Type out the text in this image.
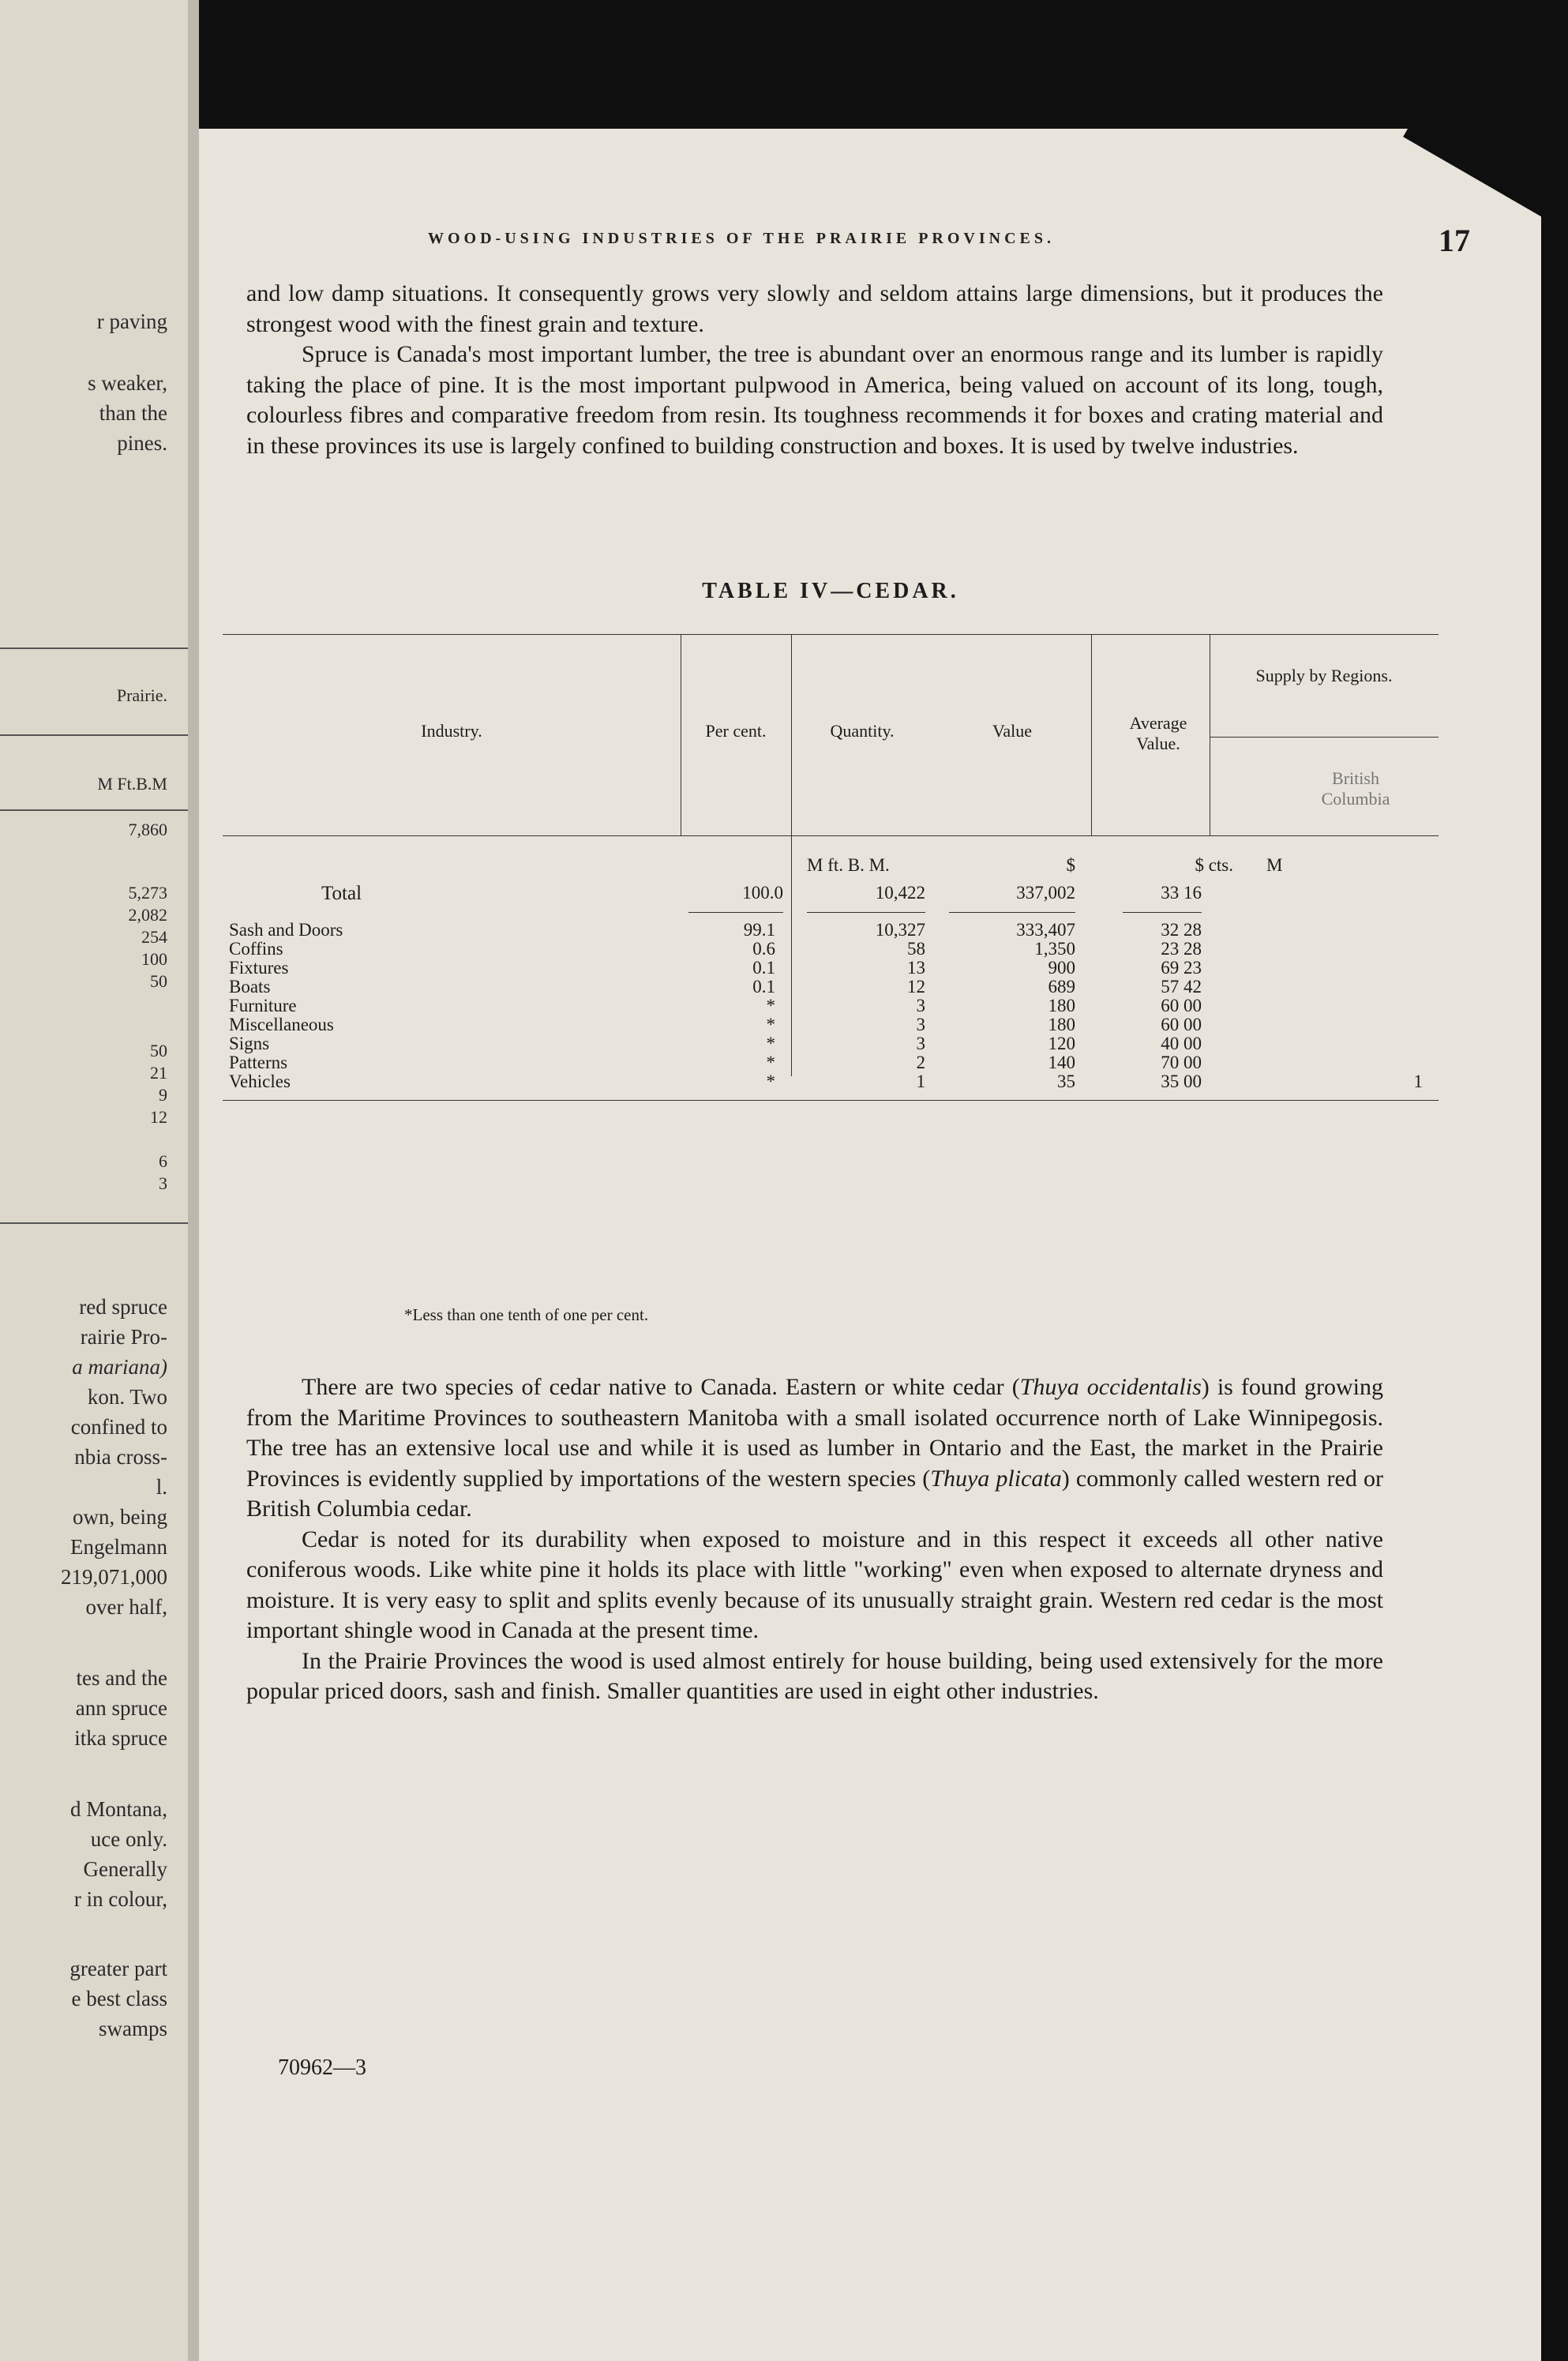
r paving
s weaker,
than the
pines.
Prairie.
M Ft.B.M
7,860
5,273
2,082
254
100
50
50
21
9
12
6
3
red spruce
rairie Pro-
a mariana)
kon. Two
confined to
nbia cross-
l.
own, being
Engelmann
219,071,000
over half,
tes and the
ann spruce
itka spruce
d Montana,
uce only.
Generally
r in colour,
greater part
e best class
swamps
WOOD-USING INDUSTRIES OF THE PRAIRIE PROVINCES.	17

and low damp situations. It consequently grows very slowly and seldom attains large dimensions, but it produces the strongest wood with the finest grain and texture.

Spruce is Canada's most important lumber, the tree is abundant over an enormous range and its lumber is rapidly taking the place of pine. It is the most important pulpwood in America, being valued on account of its long, tough, colourless fibres and comparative freedom from resin. Its toughness recommends it for boxes and crating material and in these provinces its use is largely confined to building construction and boxes. It is used by twelve industries.

TABLE IV—CEDAR.
Industry.	Per cent.	Quantity.	Value	Average Value.
Supply by Regions.
British Columbia
M ft. B. M.	$	$ cts. M
Total	100.0	10,422	337,002	33 16
Sash and Doors	99.1	10,327	333,407	32 28
Coffins	0.6	58	1,350	23 28
Fixtures	0.1	13	900	69 23
Boats	0.1	12	689	57 42
Furniture	*	3	180	60 00
Miscellaneous	*	3	180	60 00
Signs	*	3	120	40 00
Patterns	*	2	140	70 00
Vehicles	*	1	35	35 00	1
*Less than one tenth of one per cent.

There are two species of cedar native to Canada. Eastern or white cedar (Thuya occidentalis) is found growing from the Maritime Provinces to southeastern Manitoba with a small isolated occurrence north of Lake Winnipegosis. The tree has an extensive local use and while it is used as lumber in Ontario and the East, the market in the Prairie Provinces is evidently supplied by importations of the western species (Thuya plicata) commonly called western red or British Columbia cedar.

Cedar is noted for its durability when exposed to moisture and in this respect it exceeds all other native coniferous woods. Like white pine it holds its place with little "working" even when exposed to alternate dryness and moisture. It is very easy to split and splits evenly because of its unusually straight grain. Western red cedar is the most important shingle wood in Canada at the present time.

In the Prairie Provinces the wood is used almost entirely for house building, being used extensively for the more popular priced doors, sash and finish. Smaller quantities are used in eight other industries.

70962—3
